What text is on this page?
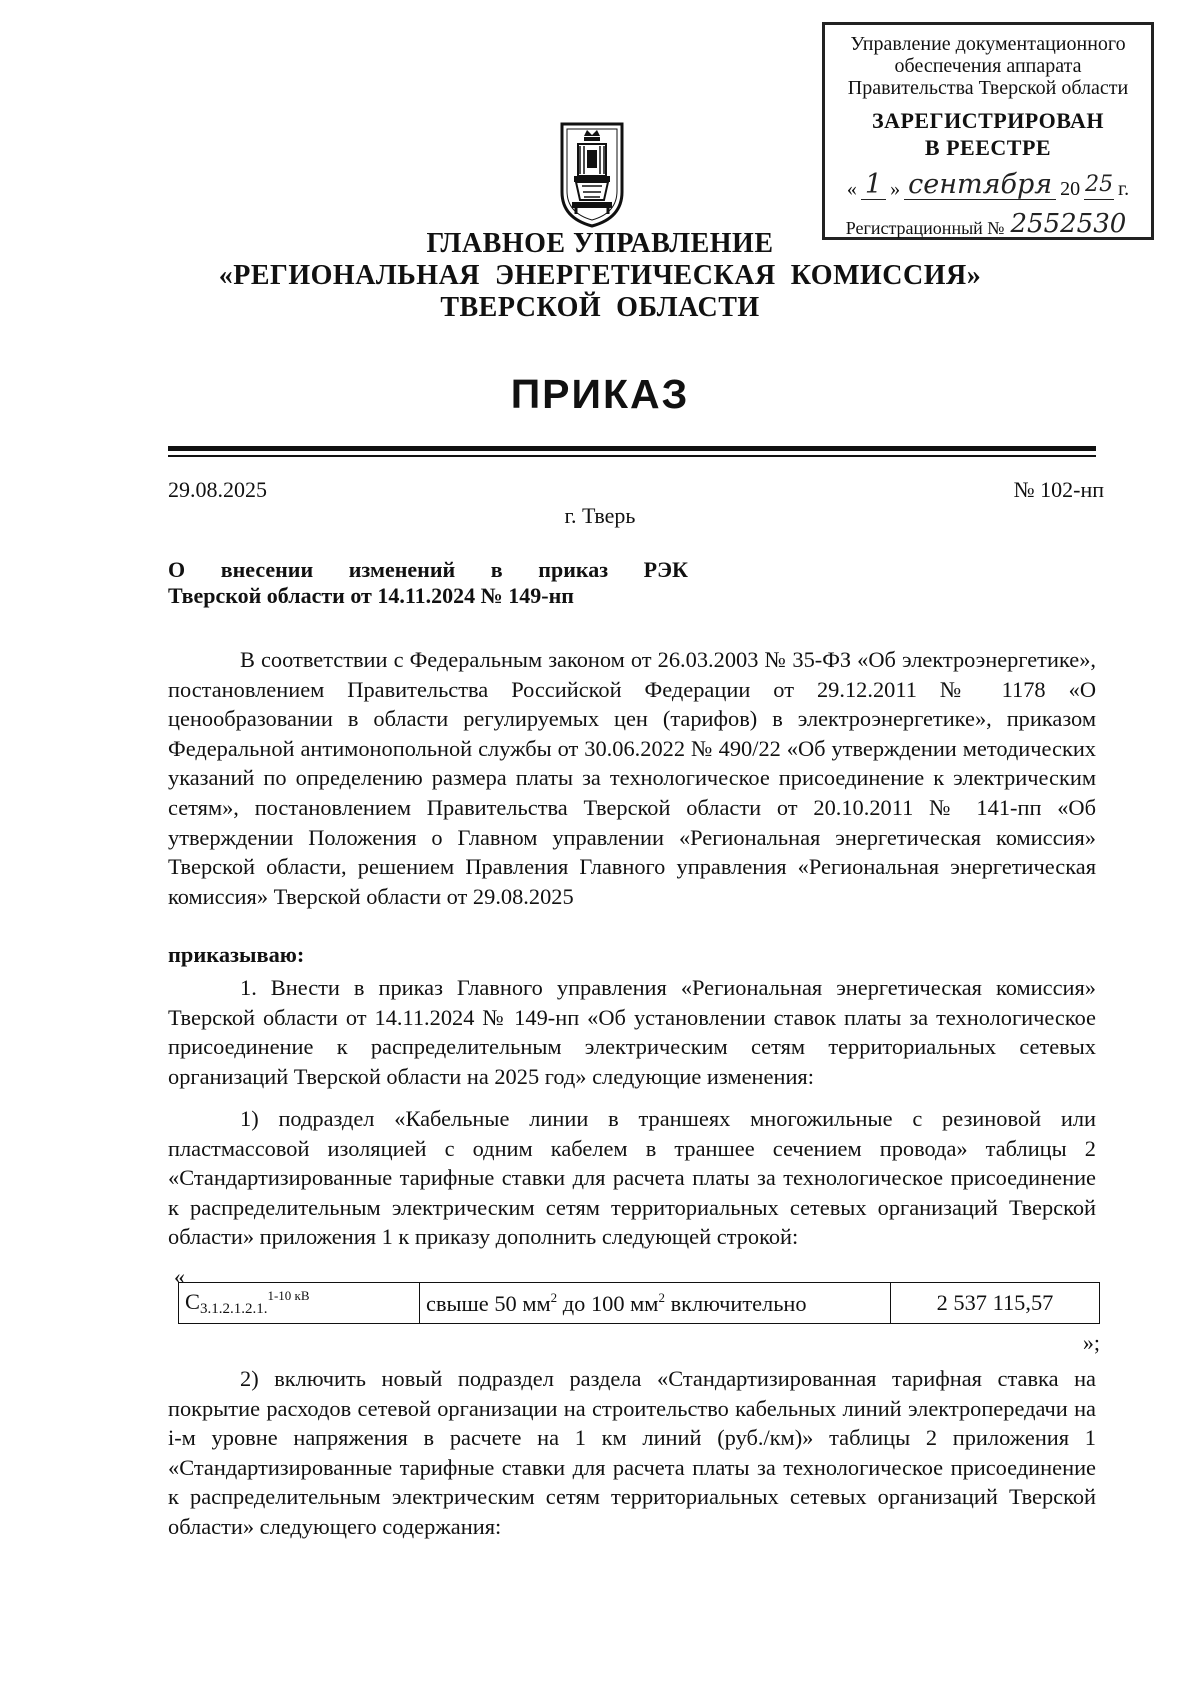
Управление документационного
обеспечения аппарата
Правительства Тверской области
ЗАРЕГИСТРИРОВАН
В РЕЕСТРЕ
« 1 » сентября 20 25 г.
Регистрационный № 2552530
ГЛАВНОЕ УПРАВЛЕНИЕ
«РЕГИОНАЛЬНАЯ  ЭНЕРГЕТИЧЕСКАЯ  КОМИССИЯ»
ТВЕРСКОЙ  ОБЛАСТИ
ПРИКАЗ
29.08.2025	№ 102-нп
г. Тверь
О внесении изменений в приказ РЭК
Тверской области от 14.11.2024 № 149-нп

В соответствии с Федеральным законом от 26.03.2003 № 35-ФЗ «Об электроэнергетике», постановлением Правительства Российской Федерации от 29.12.2011 № 1178 «О ценообразовании в области регулируемых цен (тарифов) в электроэнергетике», приказом Федеральной антимонопольной службы от 30.06.2022 № 490/22 «Об утверждении методических указаний по определению размера платы за технологическое присоединение к электрическим сетям», постановлением Правительства Тверской области от 20.10.2011 № 141-пп «Об утверждении Положения о Главном управлении «Региональная энергетическая комиссия» Тверской области, решением Правления Главного управления «Региональная энергетическая комиссия» Тверской области от 29.08.2025

приказываю:

1. Внести в приказ Главного управления «Региональная энергетическая комиссия» Тверской области от 14.11.2024 № 149-нп «Об установлении ставок платы за технологическое присоединение к распределительным электрическим сетям территориальных сетевых организаций Тверской области на 2025 год» следующие изменения:

1) подраздел «Кабельные линии в траншеях многожильные с резиновой или пластмассовой изоляцией с одним кабелем в траншее сечением провода» таблицы 2 «Стандартизированные тарифные ставки для расчета платы за технологическое присоединение к распределительным электрическим сетям территориальных сетевых организаций Тверской области» приложения 1 к приказу дополнить следующей строкой:

«
$C_{3.1.2.1.2.1.}^{1-10 кВ}$	свыше 50 $мм^2$ до 100 $мм^2$ включительно	2 537 115,57
»;

2) включить новый подраздел раздела «Стандартизированная тарифная ставка на покрытие расходов сетевой организации на строительство кабельных линий электропередачи на i-м уровне напряжения в расчете на 1 км линий (руб./км)» таблицы 2 приложения 1 «Стандартизированные тарифные ставки для расчета платы за технологическое присоединение к распределительным электрическим сетям территориальных сетевых организаций Тверской области» следующего содержания:
